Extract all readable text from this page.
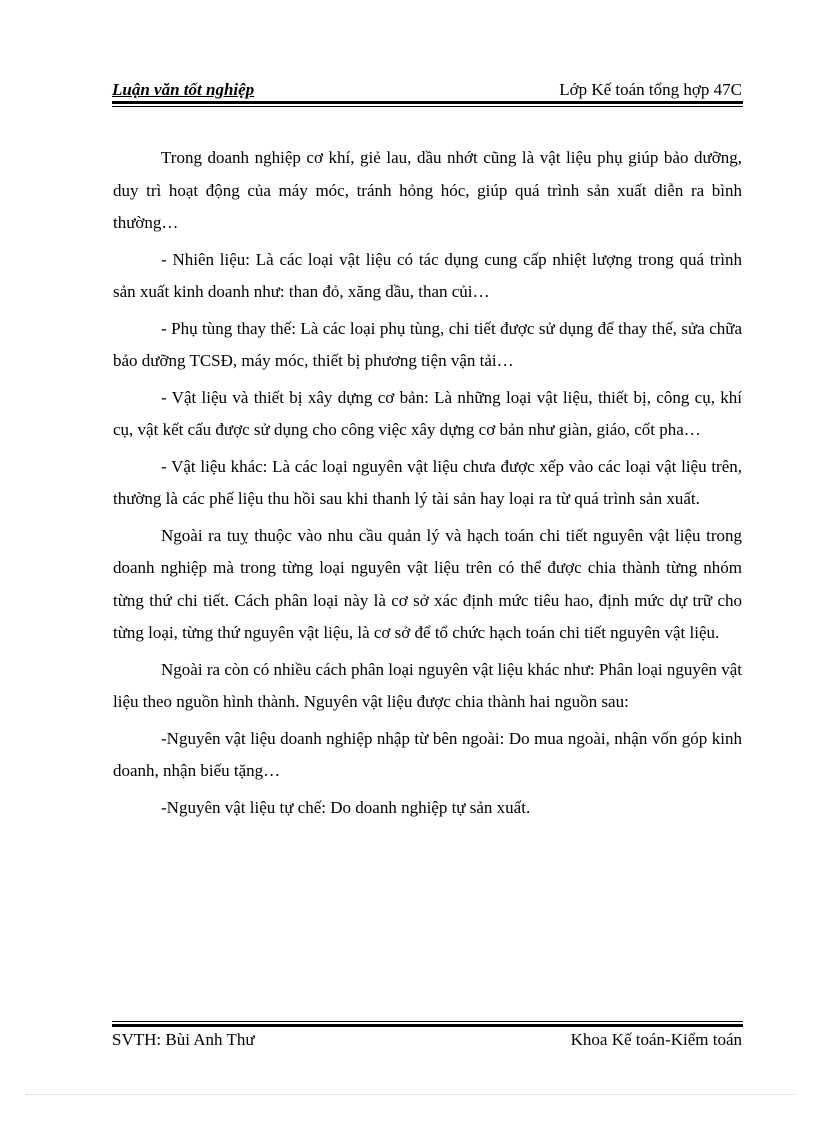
Luận văn tốt nghiệp	Lớp Kế toán tổng hợp 47C

Trong doanh nghiệp cơ khí, giẻ lau, dầu nhớt cũng là vật liệu phụ giúp bảo dưỡng, duy trì hoạt động của máy móc, tránh hỏng hóc, giúp quá trình sản xuất diễn ra bình thường…

- Nhiên liệu: Là các loại vật liệu có tác dụng cung cấp nhiệt lượng trong quá trình sản xuất kinh doanh như: than đỏ, xăng dầu, than củi…

- Phụ tùng thay thế: Là các loại phụ tùng, chi tiết được sử dụng để thay thế, sửa chữa bảo dưỡng TCSĐ, máy móc, thiết bị phương tiện vận tải…

- Vật liệu và thiết bị xây dựng cơ bản: Là những loại vật liệu, thiết bị, công cụ, khí cụ, vật kết cấu được sử dụng cho công việc xây dựng cơ bản như giàn, giáo, cốt pha…

- Vật liệu khác: Là các loại nguyên vật liệu chưa được xếp vào các loại vật liệu trên, thường là các phế liệu thu hồi sau khi thanh lý tài sản hay loại ra từ quá trình sản xuất.

Ngoài ra tuỵ thuộc vào nhu cầu quản lý và hạch toán chi tiết nguyên vật liệu trong doanh nghiệp mà trong từng loại nguyên vật liệu trên có thể được chia thành từng nhóm từng thứ chi tiết. Cách phân loại này là cơ sở xác định mức tiêu hao, định mức dự trữ cho từng loại, từng thứ nguyên vật liệu, là cơ sở để tổ chức hạch toán chi tiết nguyên vật liệu.

Ngoài ra còn có nhiều cách phân loại nguyên vật liệu khác như: Phân loại nguyên vật liệu theo nguồn hình thành. Nguyên vật liệu được chia thành hai nguồn sau:

-Nguyên vật liệu doanh nghiệp nhập từ bên ngoài: Do mua ngoài, nhận vốn góp kinh doanh, nhận biếu tặng…

-Nguyên vật liệu tự chế: Do doanh nghiệp tự sản xuất.

SVTH: Bùi Anh Thư	Khoa Kế toán-Kiểm toán
